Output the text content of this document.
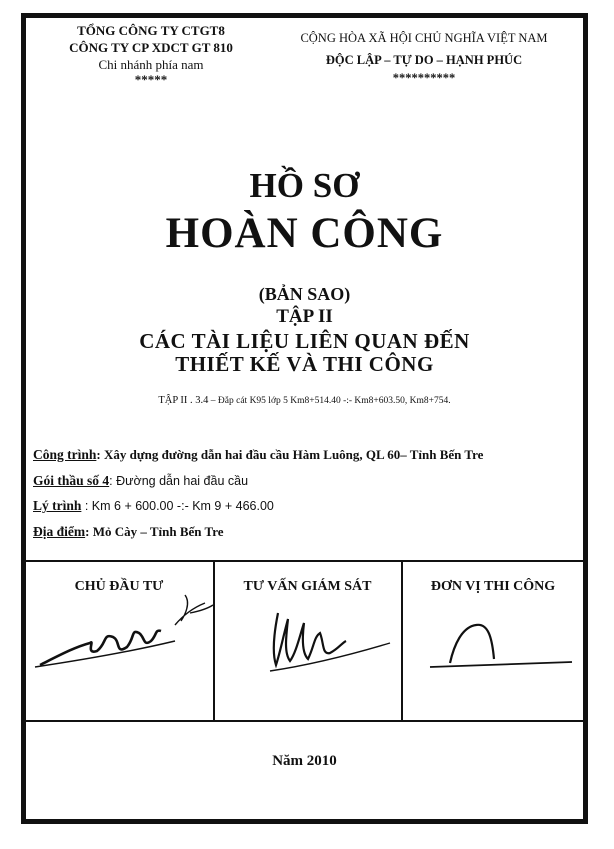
TỔNG CÔNG TY CTGT8
CÔNG TY CP XDCT GT 810
Chi nhánh phía nam
*****
CỘNG HÒA XÃ HỘI CHỦ NGHĨA VIỆT NAM
ĐỘC LẬP – TỰ DO – HẠNH PHÚC
**********
HỒ SƠ
HOÀN CÔNG
(BẢN SAO)
TẬP II
CÁC TÀI LIỆU LIÊN QUAN ĐẾN
THIẾT KẾ VÀ THI CÔNG
TẬP II . 3.4 – Đắp cát K95 lớp 5 Km8+514.40 -:- Km8+603.50, Km8+754.
Công trình: Xây dựng đường dẫn hai đầu cầu Hàm Luông, QL 60– Tỉnh Bến Tre
Gói thầu số 4: Đường dẫn hai đầu cầu
Lý trình : Km 6 + 600.00 -:- Km 9 + 466.00
Địa điểm: Mỏ Cày – Tỉnh Bến Tre
CHỦ ĐẦU TƯ	TƯ VẤN GIÁM SÁT	ĐƠN VỊ THI CÔNG
Năm 2010
